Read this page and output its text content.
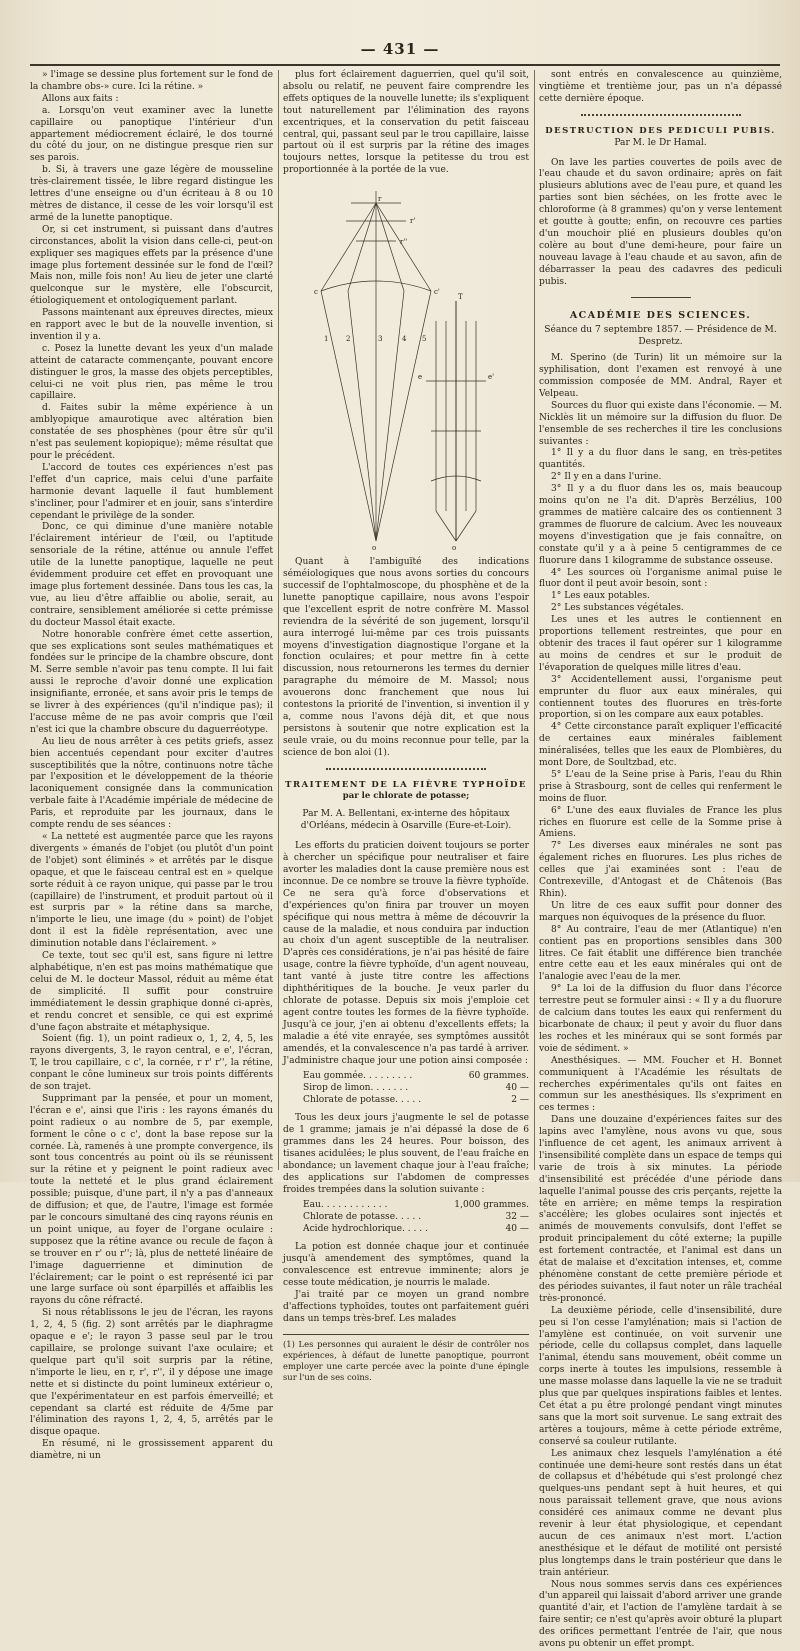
— 431 —

» l'image se dessine plus fortement sur le fond de la chambre obs-» cure. Ici la rétine. »

Allons aux faits :

a. Lorsqu'on veut examiner avec la lunette capillaire ou panoptique l'intérieur d'un appartement médiocrement éclairé, le dos tourné du côté du jour, on ne distingue presque rien sur ses parois.

b. Si, à travers une gaze légère de mousseline très-clairement tissée, le libre regard distingue les lettres d'une enseigne ou d'un écriteau à 8 ou 10 mètres de distance, il cesse de les voir lorsqu'il est armé de la lunette panoptique.

Or, si cet instrument, si puissant dans d'autres circonstances, abolit la vision dans celle-ci, peut-on expliquer ses magiques effets par la présence d'une image plus fortement dessinée sur le fond de l'œil? Mais non, mille fois non! Au lieu de jeter une clarté quelconque sur le mystère, elle l'obscurcit, étiologiquement et ontologiquement parlant.

Passons maintenant aux épreuves directes, mieux en rapport avec le but de la nouvelle invention, si invention il y a.

c. Posez la lunette devant les yeux d'un malade atteint de cataracte commençante, pouvant encore distinguer le gros, la masse des objets perceptibles, celui-ci ne voit plus rien, pas même le trou capillaire.

d. Faites subir la même expérience à un amblyopique amaurotique avec altération bien constatée de ses phosphènes (pour être sûr qu'il n'est pas seulement kopiopique); même résultat que pour le précédent.

L'accord de toutes ces expériences n'est pas l'effet d'un caprice, mais celui d'une parfaite harmonie devant laquelle il faut humblement s'incliner, pour l'admirer et en jouir, sans s'interdire cependant le privilège de la sonder.

Donc, ce qui diminue d'une manière notable l'éclairement intérieur de l'œil, ou l'aptitude sensoriale de la rétine, atténue ou annule l'effet utile de la lunette panoptique, laquelle ne peut évidemment produire cet effet en provoquant une image plus fortement dessinée. Dans tous les cas, la vue, au lieu d'être affaiblie ou abolie, serait, au contraire, sensiblement améliorée si cette prémisse du docteur Massol était exacte.

Notre honorable confrère émet cette assertion, que ses explications sont seules mathématiques et fondées sur le principe de la chambre obscure, dont M. Serre semble n'avoir pas tenu compte. Il lui fait aussi le reproche d'avoir donné une explication insignifiante, erronée, et sans avoir pris le temps de se livrer à des expériences (qu'il n'indique pas); il l'accuse même de ne pas avoir compris que l'œil n'est ici que la chambre obscure du daguerréotype.

Au lieu de nous arrêter à ces petits griefs, assez bien accentués cependant pour exciter d'autres susceptibilités que la nôtre, continuons notre tâche par l'exposition et le développement de la théorie laconiquement consignée dans la communication verbale faite à l'Académie impériale de médecine de Paris, et reproduite par les journaux, dans le compte rendu de ses séances :

« La netteté est augmentée parce que les rayons divergents » émanés de l'objet (ou plutôt d'un point de l'objet) sont éliminés » et arrêtés par le disque opaque, et que le faisceau central est en » quelque sorte réduit à ce rayon unique, qui passe par le trou (capillaire) de l'instrument, et produit partout où il est surpris par » la rétine dans sa marche, n'importe le lieu, une image (du » point) de l'objet dont il est la fidèle représentation, avec une diminution notable dans l'éclairement. »

Ce texte, tout sec qu'il est, sans figure ni lettre alphabétique, n'en est pas moins mathématique que celui de M. le docteur Massol, réduit au même état de simplicité. Il suffit pour construire immédiatement le dessin graphique donné ci-après, et rendu concret et sensible, ce qui est exprimé d'une façon abstraite et métaphysique.

Soient (fig. 1), un point radieux o, 1, 2, 4, 5, les rayons divergents, 3, le rayon central, e e', l'écran, T, le trou capillaire, c c', la cornée, r r' r'', la rétine, conpant le cône lumineux sur trois points différents de son trajet.

Supprimant par la pensée, et pour un moment, l'écran e e', ainsi que l'iris : les rayons émanés du point radieux o au nombre de 5, par exemple, forment le cône o c c', dont la base repose sur la cornée. Là, ramenés à une prompte convergence, ils sont tous concentrés au point où ils se réunissent sur la rétine et y peignent le point radieux avec toute la netteté et le plus grand éclairement possible; puisque, d'une part, il n'y a pas d'anneaux de diffusion; et que, de l'autre, l'image est formée par le concours simultané des cinq rayons réunis en un point unique, au foyer de l'organe oculaire : supposez que la rétine avance ou recule de façon à se trouver en r' ou r''; là, plus de netteté linéaire de l'image daguerrienne et diminution de l'éclairement; car le point o est représenté ici par une large surface où sont éparpillés et affaiblis les rayons du cône réfracté.

Si nous rétablissons le jeu de l'écran, les rayons 1, 2, 4, 5 (fig. 2) sont arrêtés par le diaphragme opaque e e'; le rayon 3 passe seul par le trou capillaire, se prolonge suivant l'axe oculaire; et quelque part qu'il soit surpris par la rétine, n'importe le lieu, en r, r', r'', il y dépose une image nette et si distincte du point lumineux extérieur o, que l'expérimentateur en est parfois émerveillé; et cependant sa clarté est réduite de 4/5me par l'élimination des rayons 1, 2, 4, 5, arrêtés par le disque opaque.

En résumé, ni le grossissement apparent du diamètre, ni un

plus fort éclairement daguerrien, quel qu'il soit, absolu ou relatif, ne peuvent faire comprendre les effets optiques de la nouvelle lunette; ils s'expliquent tout naturellement par l'élimination des rayons excentriques, et la conservation du petit faisceau central, qui, passant seul par le trou capillaire, laisse partout où il est surpris par la rétine des images toujours nettes, lorsque la petitesse du trou est proportionnée à la portée de la vue.

r
r'
r''
c	c'
1	2	3	4 5
o
e	e'
T
o

Quant à l'ambiguïté des indications séméiologiques que nous avons sorties du concours successif de l'ophtalmoscope, du phosphène et de la lunette panoptique capillaire, nous avons l'espoir que l'excellent esprit de notre confrère M. Massol reviendra de la sévérité de son jugement, lorsqu'il aura interrogé lui-même par ces trois puissants moyens d'investigation diagnostique l'organe et la fonction oculaires; et pour mettre fin à cette discussion, nous retournerons les termes du dernier paragraphe du mémoire de M. Massol; nous avouerons donc franchement que nous lui contestons la priorité de l'invention, si invention il y a, comme nous l'avons déjà dit, et que nous persistons à soutenir que notre explication est la seule vraie, ou du moins reconnue pour telle, par la science de bon aloi (1).

TRAITEMENT DE LA FIÈVRE TYPHOÏDE
par le chlorate de potasse;

Par M. A. Bellentani, ex-interne des hôpitaux d'Orléans, médecin à Osarville (Eure-et-Loir).

Les efforts du praticien doivent toujours se porter à chercher un spécifique pour neutraliser et faire avorter les maladies dont la cause première nous est inconnue. De ce nombre se trouve la fièvre typhoïde. Ce ne sera qu'à force d'observations et d'expériences qu'on finira par trouver un moyen spécifique qui nous mettra à même de découvrir la cause de la maladie, et nous conduira par induction au choix d'un agent susceptible de la neutraliser. D'après ces considérations, je n'ai pas hésité de faire usage, contre la fièvre typhoïde, d'un agent nouveau, tant vanté à juste titre contre les affections diphthéritiques de la bouche. Je veux parler du chlorate de potasse. Depuis six mois j'emploie cet agent contre toutes les formes de la fièvre typhoïde. Jusqu'à ce jour, j'en ai obtenu d'excellents effets; la maladie a été vite enrayée, ses symptômes aussitôt amendés, et la convalescence n'a pas tardé à arriver. J'administre chaque jour une potion ainsi composée :

Eau gommée. . . . . . . . .	60 grammes.
Sirop de limon. . . . . . .	40 —
Chlorate de potasse. . . . .	2 —

Tous les deux jours j'augmente le sel de potasse de 1 gramme; jamais je n'ai dépassé la dose de 6 grammes dans les 24 heures. Pour boisson, des tisanes acidulées; le plus souvent, de l'eau fraîche en abondance; un lavement chaque jour à l'eau fraîche; des applications sur l'abdomen de compresses froides trempées dans la solution suivante :

Eau. . . . . . . . . . . .	1,000 grammes.
Chlorate de potasse. . . . .	32 —
Acide hydrochlorique. . . . .	40 —

La potion est donnée chaque jour et continuée jusqu'à amendement des symptômes, quand la convalescence est entrevue imminente; alors je cesse toute médication, je nourris le malade.

J'ai traité par ce moyen un grand nombre d'affections typhoïdes, toutes ont parfaitement guéri dans un temps très-bref. Les malades

(1) Les personnes qui auraient le désir de contrôler nos expériences, à défaut de lunette panoptique, pourront employer une carte percée avec la pointe d'une épingle sur l'un de ses coins.

sont entrés en convalescence au quinzième, vingtième et trentième jour, pas un n'a dépassé cette dernière époque.

DESTRUCTION DES PEDICULI PUBIS.

Par M. le Dr Hamal.

On lave les parties couvertes de poils avec de l'eau chaude et du savon ordinaire; après on fait plusieurs ablutions avec de l'eau pure, et quand les parties sont bien séchées, on les frotte avec le chloroforme (à 8 grammes) qu'on y verse lentement et goutte à goutte; enfin, on recouvre ces parties d'un mouchoir plié en plusieurs doubles qu'on colère au bout d'une demi-heure, pour faire un nouveau lavage à l'eau chaude et au savon, afin de débarrasser la peau des cadavres des pediculi pubis.

ACADÉMIE DES SCIENCES.

Séance du 7 septembre 1857. — Présidence de M. Despretz.

M. Sperino (de Turin) lit un mémoire sur la syphilisation, dont l'examen est renvoyé à une commission composée de MM. Andral, Rayer et Velpeau.

Sources du fluor qui existe dans l'économie. — M. Nicklès lit un mémoire sur la diffusion du fluor. De l'ensemble de ses recherches il tire les conclusions suivantes :

1° Il y a du fluor dans le sang, en très-petites quantités.

2° Il y en a dans l'urine.

3° Il y a du fluor dans les os, mais beaucoup moins qu'on ne l'a dit. D'après Berzélius, 100 grammes de matière calcaire des os contiennent 3 grammes de fluorure de calcium. Avec les nouveaux moyens d'investigation que je fais connaître, on constate qu'il y a à peine 5 centigrammes de ce fluorure dans 1 kilogramme de substance osseuse.

4° Les sources où l'organisme animal puise le fluor dont il peut avoir besoin, sont :

1° Les eaux potables.

2° Les substances végétales.

Les unes et les autres le contiennent en proportions tellement restreintes, que pour en obtenir des traces il faut opérer sur 1 kilogramme au moins de cendres et sur le produit de l'évaporation de quelques mille litres d'eau.

3° Accidentellement aussi, l'organisme peut emprunter du fluor aux eaux minérales, qui contiennent toutes des fluorures en très-forte proportion, si on les compare aux eaux potables.

4° Cette circonstance paraît expliquer l'efficacité de certaines eaux minérales faiblement minéralisées, telles que les eaux de Plombières, du mont Dore, de Soultzbad, etc.

5° L'eau de la Seine prise à Paris, l'eau du Rhin prise à Strasbourg, sont de celles qui renferment le moins de fluor.

6° L'une des eaux fluviales de France les plus riches en fluorure est celle de la Somme prise à Amiens.

7° Les diverses eaux minérales ne sont pas également riches en fluorures. Les plus riches de celles que j'ai examinées sont : l'eau de Contrexeville, d'Antogast et de Châtenois (Bas Rhin).

Un litre de ces eaux suffit pour donner des marques non équivoques de la présence du fluor.

8° Au contraire, l'eau de mer (Atlantique) n'en contient pas en proportions sensibles dans 300 litres. Ce fait établit une différence bien tranchée entre cette eau et les eaux minérales qui ont de l'analogie avec l'eau de la mer.

9° La loi de la diffusion du fluor dans l'écorce terrestre peut se formuler ainsi : « Il y a du fluorure de calcium dans toutes les eaux qui renferment du bicarbonate de chaux; il peut y avoir du fluor dans les roches et les minéraux qui se sont formés par voie de sédiment. »

Anesthésiques. — MM. Foucher et H. Bonnet communiquent à l'Académie les résultats de recherches expérimentales qu'ils ont faites en commun sur les anesthésiques. Ils s'expriment en ces termes :

Dans une douzaine d'expériences faites sur des lapins avec l'amylène, nous avons vu que, sous l'influence de cet agent, les animaux arrivent à l'insensibilité complète dans un espace de temps qui varie de trois à six minutes. La période d'insensibilité est précédée d'une période dans laquelle l'animal pousse des cris perçants, rejette la tête en arrière; en même temps la respiration s'accélère; les globes oculaires sont injectés et animés de mouvements convulsifs, dont l'effet se produit principalement du côté externe; la pupille est fortement contractée, et l'animal est dans un état de malaise et d'excitation intenses, et, comme phénomène constant de cette première période et des périodes suivantes, il faut noter un râle trachéal très-prononcé.

La deuxième période, celle d'insensibilité, dure peu si l'on cesse l'amylénation; mais si l'action de l'amylène est continuée, on voit survenir une période, celle du collapsus complet, dans laquelle l'animal, étendu sans mouvement, obéit comme un corps inerte à toutes les impulsions, ressemble à une masse molasse dans laquelle la vie ne se traduit plus que par quelques inspirations faibles et lentes. Cet état a pu être prolongé pendant vingt minutes sans que la mort soit survenue. Le sang extrait des artères a toujours, même à cette période extrême, conservé sa couleur rutilante.

Les animaux chez lesquels l'amylénation a été continuée une demi-heure sont restés dans un état de collapsus et d'hébétude qui s'est prolongé chez quelques-uns pendant sept à huit heures, et qui nous paraissait tellement grave, que nous avions considéré ces animaux comme ne devant plus revenir à leur état physiologique, et cependant aucun de ces animaux n'est mort. L'action anesthésique et le défaut de motilité ont persisté plus longtemps dans le train postérieur que dans le train antérieur.

Nous nous sommes servis dans ces expériences d'un appareil qui laissait d'abord arriver une grande quantité d'air, et l'action de l'amylène tardait à se faire sentir; ce n'est qu'après avoir obturé la plupart des orifices permettant l'entrée de l'air, que nous avons pu obtenir un effet prompt.
